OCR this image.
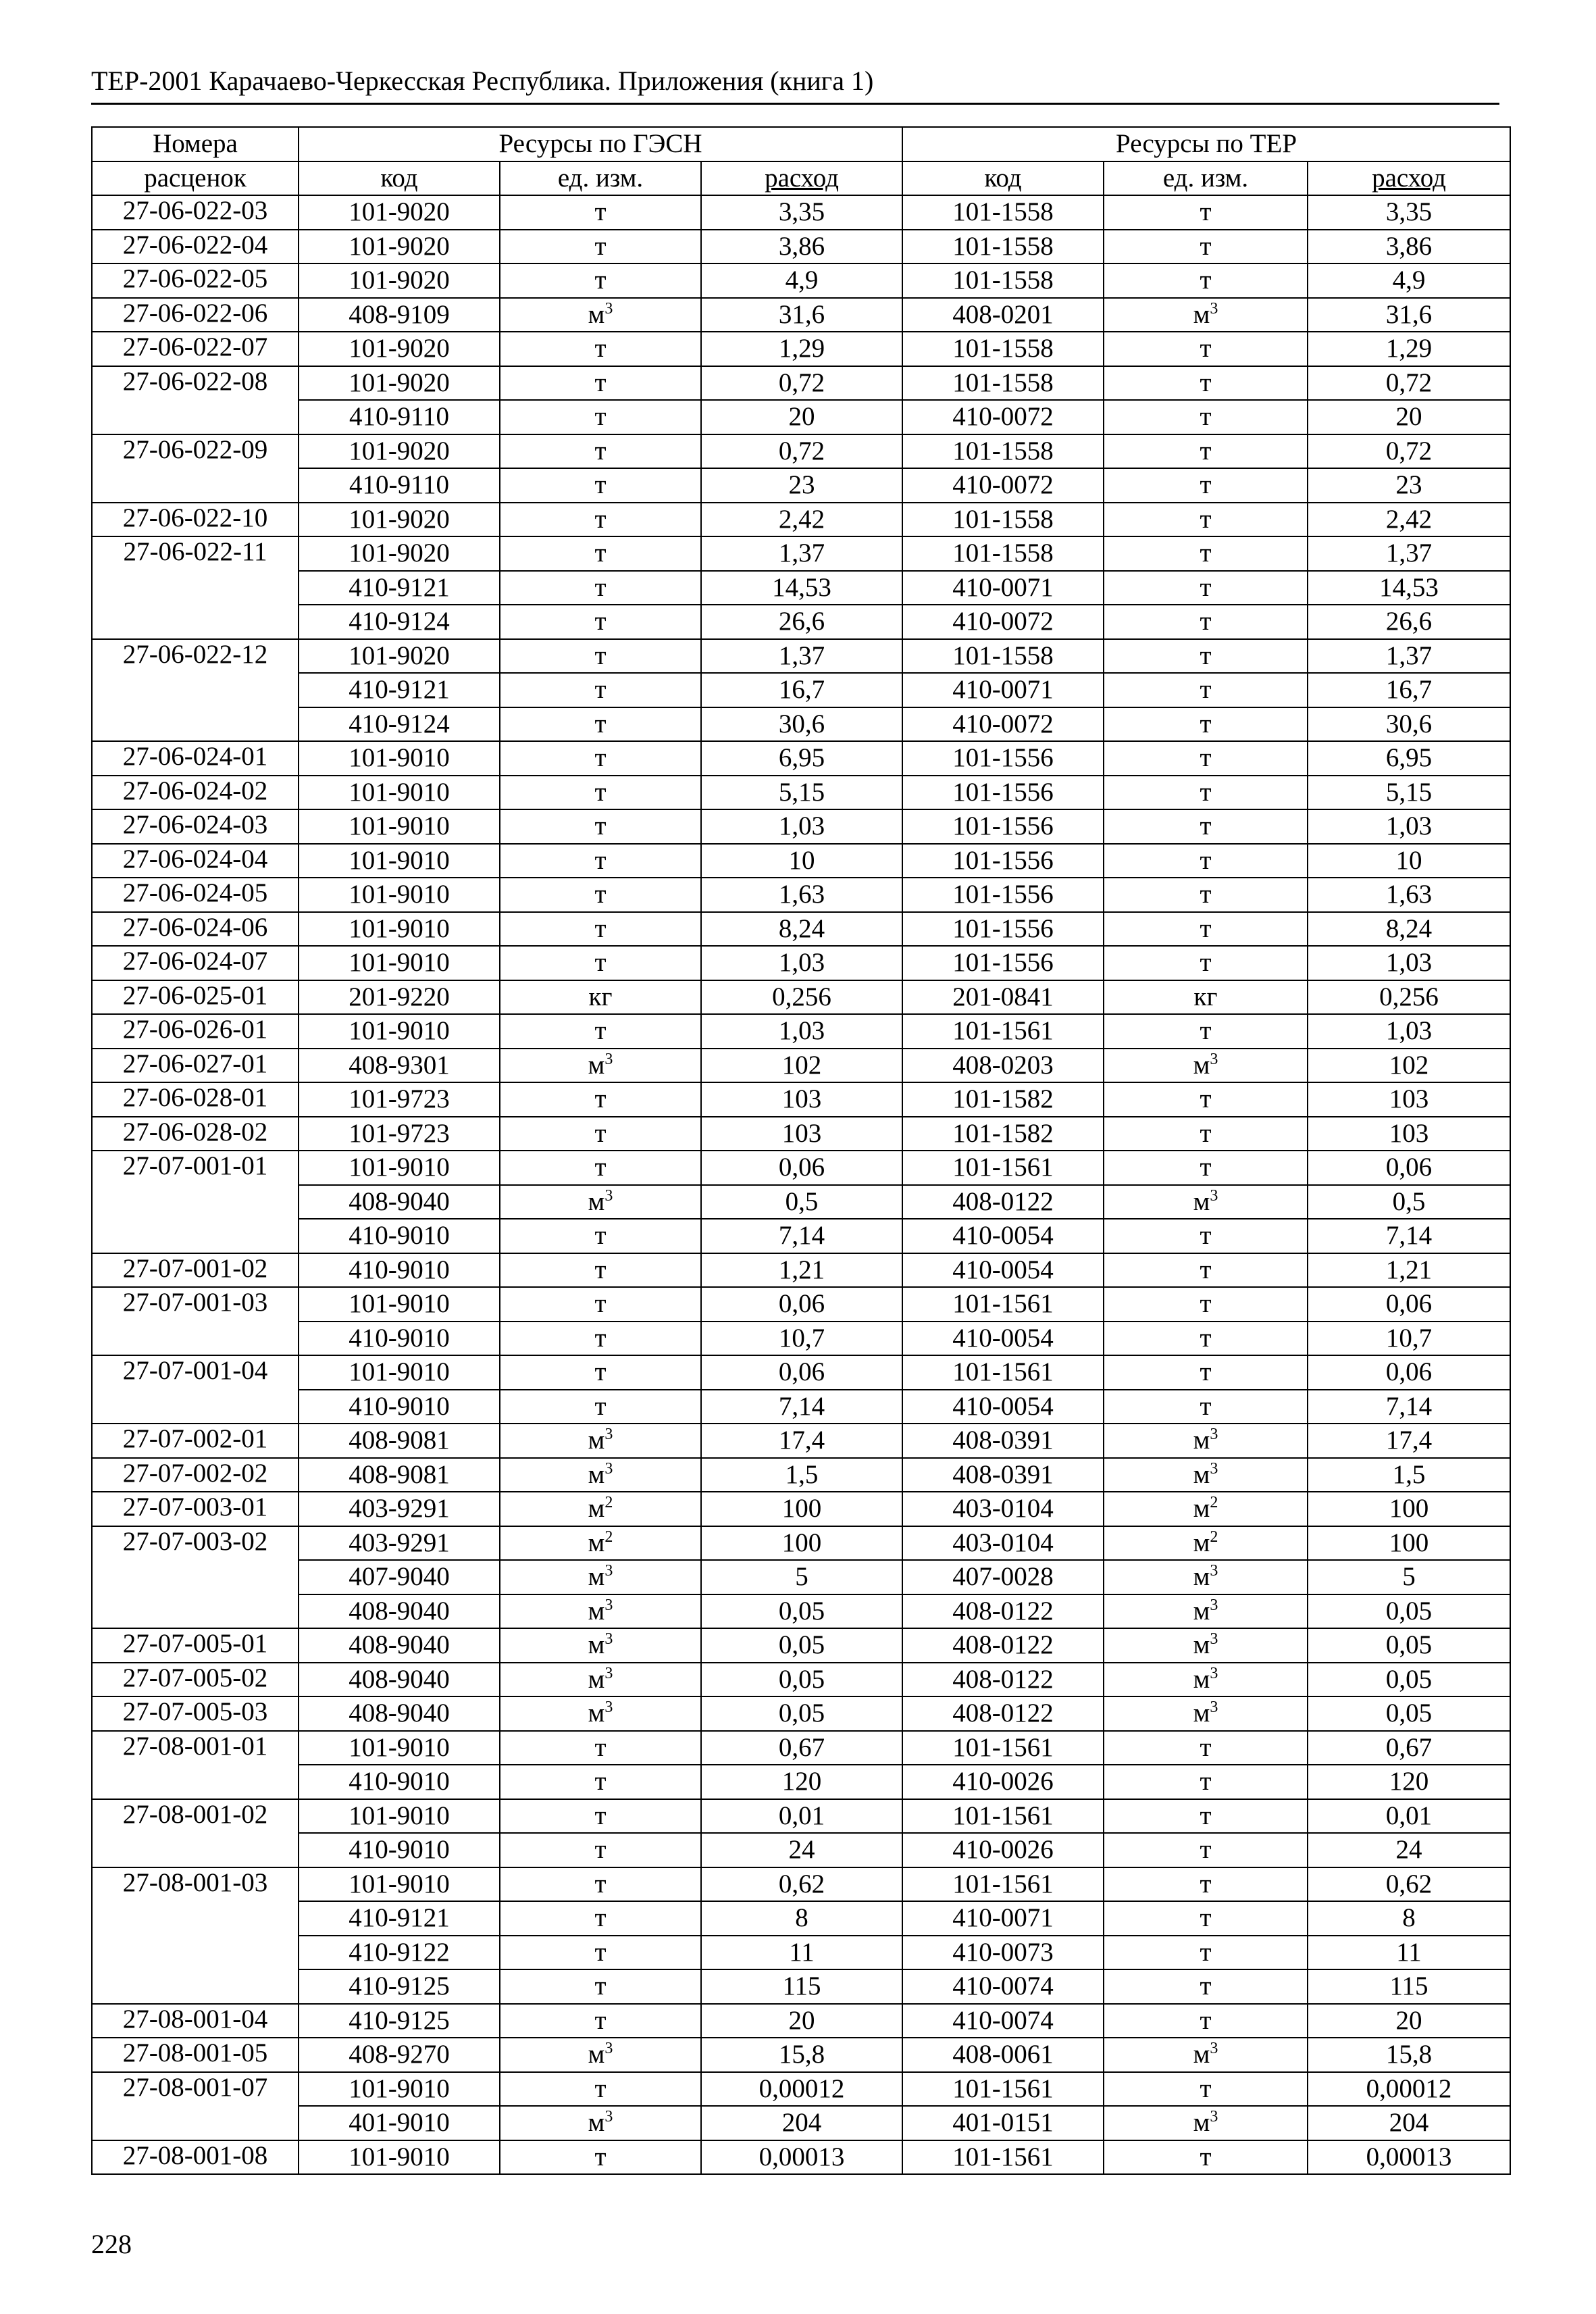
ТЕР-2001 Карачаево-Черкесская Республика. Приложения (книга 1)
Номера	Ресурсы по ГЭСН			Ресурсы по ТЕР		
расценок	код	ед. изм.	расход	код	ед. изм.	расход
27-06-022-03	101-9020	т	3,35	101-1558	т	3,35
27-06-022-04	101-9020	т	3,86	101-1558	т	3,86
27-06-022-05	101-9020	т	4,9	101-1558	т	4,9
27-06-022-06	408-9109	$м^3$	31,6	408-0201	$м^3$	31,6
27-06-022-07	101-9020	т	1,29	101-1558	т	1,29
27-06-022-08	101-9020	т	0,72	101-1558	т	0,72
	410-9110	т	20	410-0072	т	20
27-06-022-09	101-9020	т	0,72	101-1558	т	0,72
	410-9110	т	23	410-0072	т	23
27-06-022-10	101-9020	т	2,42	101-1558	т	2,42
27-06-022-11	101-9020	т	1,37	101-1558	т	1,37
	410-9121	т	14,53	410-0071	т	14,53
	410-9124	т	26,6	410-0072	т	26,6
27-06-022-12	101-9020	т	1,37	101-1558	т	1,37
	410-9121	т	16,7	410-0071	т	16,7
	410-9124	т	30,6	410-0072	т	30,6
27-06-024-01	101-9010	т	6,95	101-1556	т	6,95
27-06-024-02	101-9010	т	5,15	101-1556	т	5,15
27-06-024-03	101-9010	т	1,03	101-1556	т	1,03
27-06-024-04	101-9010	т	10	101-1556	т	10
27-06-024-05	101-9010	т	1,63	101-1556	т	1,63
27-06-024-06	101-9010	т	8,24	101-1556	т	8,24
27-06-024-07	101-9010	т	1,03	101-1556	т	1,03
27-06-025-01	201-9220	кг	0,256	201-0841	кг	0,256
27-06-026-01	101-9010	т	1,03	101-1561	т	1,03
27-06-027-01	408-9301	$м^3$	102	408-0203	$м^3$	102
27-06-028-01	101-9723	т	103	101-1582	т	103
27-06-028-02	101-9723	т	103	101-1582	т	103
27-07-001-01	101-9010	т	0,06	101-1561	т	0,06
	408-9040	$м^3$	0,5	408-0122	$м^3$	0,5
	410-9010	т	7,14	410-0054	т	7,14
27-07-001-02	410-9010	т	1,21	410-0054	т	1,21
27-07-001-03	101-9010	т	0,06	101-1561	т	0,06
	410-9010	т	10,7	410-0054	т	10,7
27-07-001-04	101-9010	т	0,06	101-1561	т	0,06
	410-9010	т	7,14	410-0054	т	7,14
27-07-002-01	408-9081	$м^3$	17,4	408-0391	$м^3$	17,4
27-07-002-02	408-9081	$м^3$	1,5	408-0391	$м^3$	1,5
27-07-003-01	403-9291	$м^2$	100	403-0104	$м^2$	100
27-07-003-02	403-9291	$м^2$	100	403-0104	$м^2$	100
	407-9040	$м^3$	5	407-0028	$м^3$	5
	408-9040	$м^3$	0,05	408-0122	$м^3$	0,05
27-07-005-01	408-9040	$м^3$	0,05	408-0122	$м^3$	0,05
27-07-005-02	408-9040	$м^3$	0,05	408-0122	$м^3$	0,05
27-07-005-03	408-9040	$м^3$	0,05	408-0122	$м^3$	0,05
27-08-001-01	101-9010	т	0,67	101-1561	т	0,67
	410-9010	т	120	410-0026	т	120
27-08-001-02	101-9010	т	0,01	101-1561	т	0,01
	410-9010	т	24	410-0026	т	24
27-08-001-03	101-9010	т	0,62	101-1561	т	0,62
	410-9121	т	8	410-0071	т	8
	410-9122	т	11	410-0073	т	11
	410-9125	т	115	410-0074	т	115
27-08-001-04	410-9125	т	20	410-0074	т	20
27-08-001-05	408-9270	$м^3$	15,8	408-0061	$м^3$	15,8
27-08-001-07	101-9010	т	0,00012	101-1561	т	0,00012
	401-9010	$м^3$	204	401-0151	$м^3$	204
27-08-001-08	101-9010	т	0,00013	101-1561	т	0,00013
228
